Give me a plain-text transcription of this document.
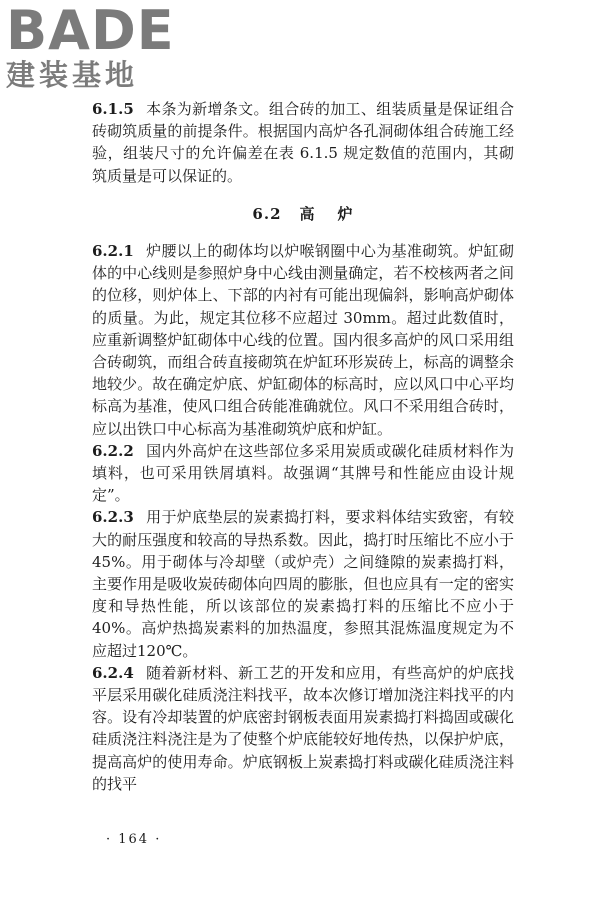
BADE
建装基地

6.1.5 本条为新增条文。组合砖的加工、组装质量是保证组合砖砌筑质量的前提条件。根据国内高炉各孔洞砌体组合砖施工经验，组装尺寸的允许偏差在表 6.1.5 规定数值的范围内，其砌筑质量是可以保证的。

6.2 高 炉

6.2.1 炉腰以上的砌体均以炉喉钢圈中心为基准砌筑。炉缸砌体的中心线则是参照炉身中心线由测量确定，若不校核两者之间的位移，则炉体上、下部的内衬有可能出现偏斜，影响高炉砌体的质量。为此，规定其位移不应超过 30mm。超过此数值时，应重新调整炉缸砌体中心线的位置。国内很多高炉的风口采用组合砖砌筑，而组合砖直接砌筑在炉缸环形炭砖上，标高的调整余地较少。故在确定炉底、炉缸砌体的标高时，应以风口中心平均标高为基准，使风口组合砖能准确就位。风口不采用组合砖时，应以出铁口中心标高为基准砌筑炉底和炉缸。

6.2.2 国内外高炉在这些部位多采用炭质或碳化硅质材料作为填料，也可采用铁屑填料。故强调“其牌号和性能应由设计规定”。

6.2.3 用于炉底垫层的炭素捣打料，要求料体结实致密，有较大的耐压强度和较高的导热系数。因此，捣打时压缩比不应小于45%。用于砌体与冷却壁（或炉壳）之间缝隙的炭素捣打料，主要作用是吸收炭砖砌体向四周的膨胀，但也应具有一定的密实度和导热性能，所以该部位的炭素捣打料的压缩比不应小于 40%。高炉热捣炭素料的加热温度，参照其混炼温度规定为不应超过120℃。

6.2.4 随着新材料、新工艺的开发和应用，有些高炉的炉底找平层采用碳化硅质浇注料找平，故本次修订增加浇注料找平的内容。设有冷却装置的炉底密封钢板表面用炭素捣打料捣固或碳化硅质浇注料浇注是为了使整个炉底能较好地传热，以保护炉底，提高高炉的使用寿命。炉底钢板上炭素捣打料或碳化硅质浇注料的找平

· 164 ·
